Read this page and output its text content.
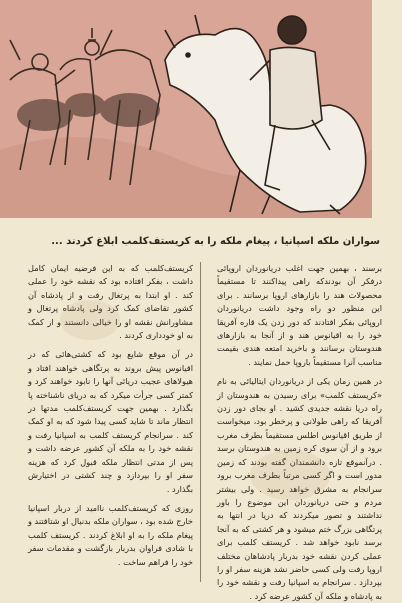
سواران ملکه اسپانیا ، پیغام ملکه را به کریستف‌کلمب ابلاغ کردند ...

برسند ، بهمین جهت اغلب دریانوردان اروپائی درفکر آن بودندکه راهی پیداکنند تا مستقیماً محصولات هند را بازارهای اروپا برسانند . برای این منظور دو راه وجود داشت دریانوردان اروپائی بفکر افتادند که دور زدن یک قاره آفریقا خود را به اقیانوس هند و از آنجا به بازارهای هندوستان برسانند و باخرید امتعه هندی بقیمت مناسب آنرا مستقیماً باروپا حمل نمایند .

در همین زمان یکی از دریانوردان ایتالیائی به نام «کریستف کلمب» برای رسیدن به هندوستان از راه دریا نقشه جدیدی کشید . او بجای دور زدن آفریقا که راهی طولانی و پرخطر بود، میخواست از طریق اقیانوس اطلس مستقیماً بطرف مغرب برود و از آن سوی کره زمین به هندوستان برسد . درآنموقع تازه دانشمندان گفته بودند که زمین مدور است و اگر کسی مرتباً بطرف مغرب برود سرانجام به مشرق خواهد رسید . ولی بیشتر مردم و حتی دریانوردان این موضوع را باور نداشتند و تصور میکردند که دریا در انتها به پرتگاهی بزرگ ختم میشود و هر کشتی که به آنجا برسد نابود خواهد شد . کریستف کلمب برای عملی کردن نقشه خود بدربار پادشاهان مختلف اروپا رفت ولی کسی حاضر نشد هزینه سفر او را بپردازد . سرانجام به اسپانیا رفت و نقشه خود را به پادشاه و ملکه آن کشور عرضه کرد .

کریستف‌کلمب که به این فرضیه ایمان کامل داشت ، بفکر افتاده بود که نقشه خود را عملی کند . او ابتدا به پرتغال رفت و از پادشاه آن کشور تقاضای کمک کرد ولی پادشاه پرتغال و مشاورانش نقشه او را خیالی دانستند و از کمک به او خودداری کردند .

در آن موقع شایع بود که کشتی‌هائی که در اقیانوس پیش بروند به پرتگاهی خواهند افتاد و هیولاهای عجیب دریائی آنها را نابود خواهند کرد و کمتر کسی جرأت میکرد که به دریای ناشناخته پا بگذارد . بهمین جهت کریستف‌کلمب مدتها در انتظار ماند تا شاید کسی پیدا شود که به او کمک کند . سرانجام کریستف کلمب به اسپانیا رفت و نقشه خود را به ملکه آن کشور عرضه داشت و پس از مدتی انتظار ملکه قبول کرد که هزینه سفر او را بپردازد و چند کشتی در اختیارش بگذارد .

روزی که کریستف‌کلمب ناامید از دربار اسپانیا خارج شده بود ، سواران ملکه بدنبال او شتافتند و پیغام ملکه را به او ابلاغ کردند . کریستف کلمب با شادی فراوان بدربار بازگشت و مقدمات سفر خود را فراهم ساخت .
